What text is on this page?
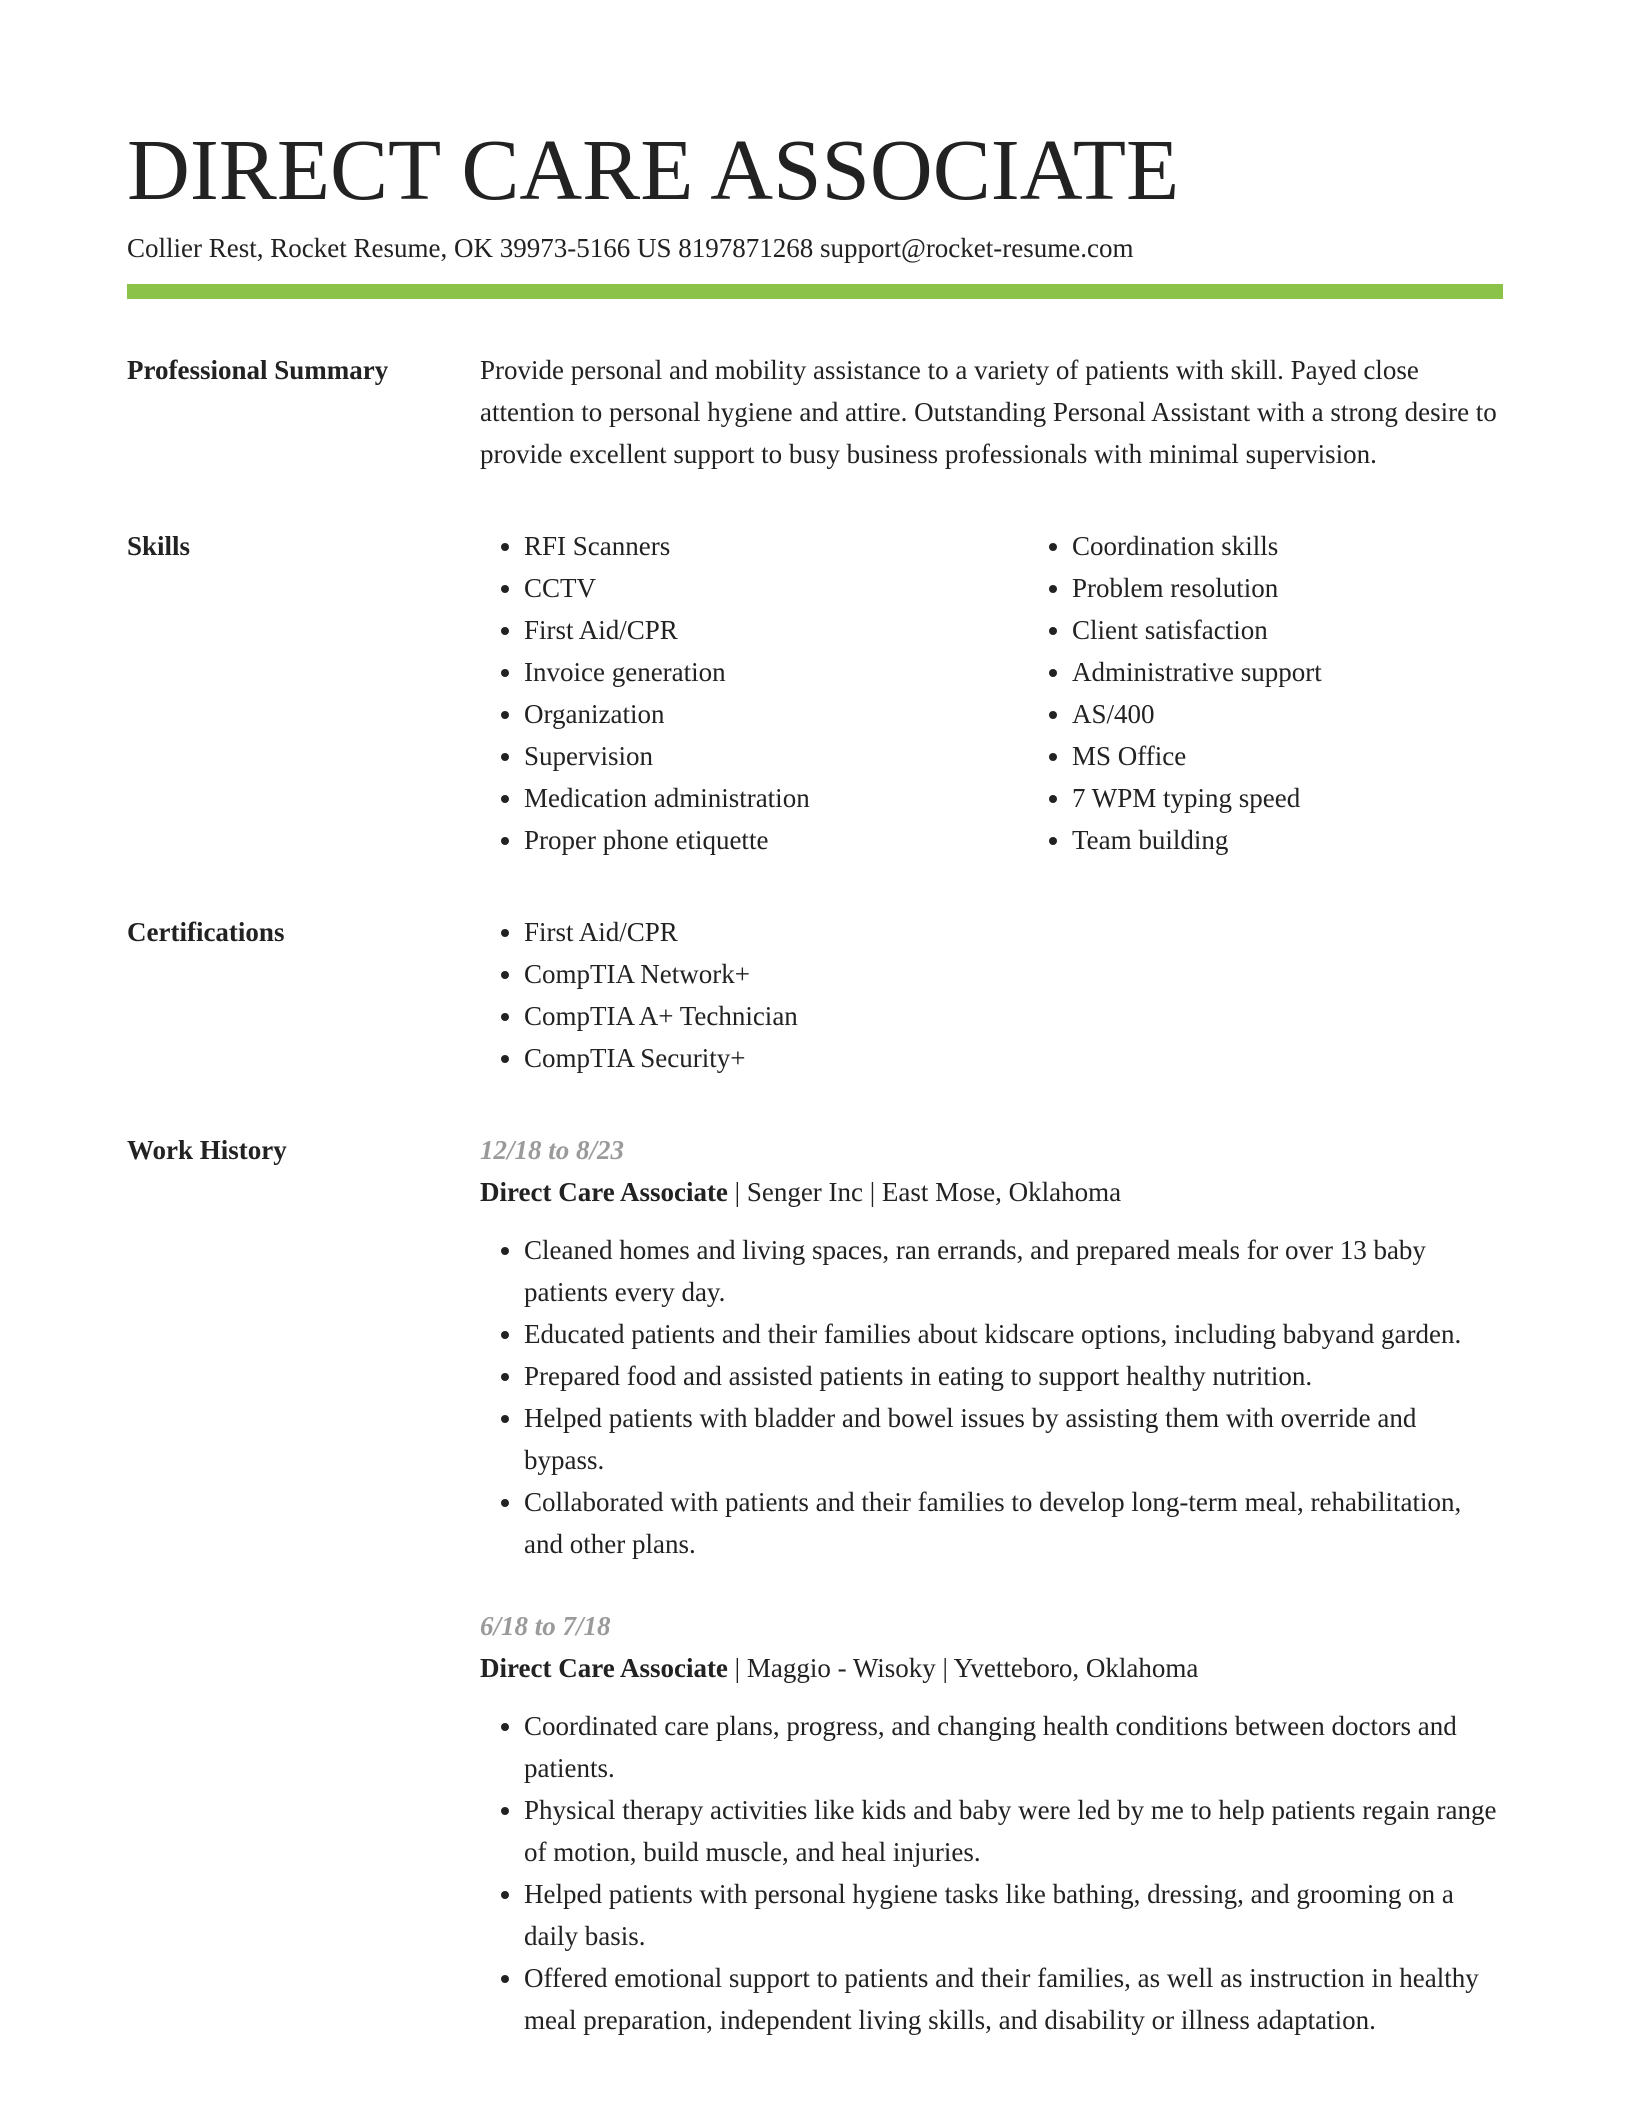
DIRECT CARE ASSOCIATE
Collier Rest, Rocket Resume, OK 39973-5166 US 8197871268 support@rocket-resume.com
Professional Summary	Provide personal and mobility assistance to a variety of patients with skill. Payed close attention to personal hygiene and attire. Outstanding Personal Assistant with a strong desire to provide excellent support to busy business professionals with minimal supervision.

Skills	• RFI Scanners
• CCTV
• First Aid/CPR
• Invoice generation
• Organization
• Supervision
• Medication administration
• Proper phone etiquette
• Coordination skills
• Problem resolution
• Client satisfaction
• Administrative support
• AS/400
• MS Office
• 7 WPM typing speed
• Team building
Certifications	• First Aid/CPR
• CompTIA Network+
• CompTIA A+ Technician
• CompTIA Security+
Work History	12/18 to 8/23
Direct Care Associate | Senger Inc | East Mose, Oklahoma
• Cleaned homes and living spaces, ran errands, and prepared meals for over 13 baby patients every day.
• Educated patients and their families about kidscare options, including babyand garden.
• Prepared food and assisted patients in eating to support healthy nutrition.
• Helped patients with bladder and bowel issues by assisting them with override and bypass.
• Collaborated with patients and their families to develop long-term meal, rehabilitation, and other plans.
6/18 to 7/18
Direct Care Associate | Maggio - Wisoky | Yvetteboro, Oklahoma
• Coordinated care plans, progress, and changing health conditions between doctors and patients.
• Physical therapy activities like kids and baby were led by me to help patients regain range of motion, build muscle, and heal injuries.
• Helped patients with personal hygiene tasks like bathing, dressing, and grooming on a daily basis.
• Offered emotional support to patients and their families, as well as instruction in healthy meal preparation, independent living skills, and disability or illness adaptation.
